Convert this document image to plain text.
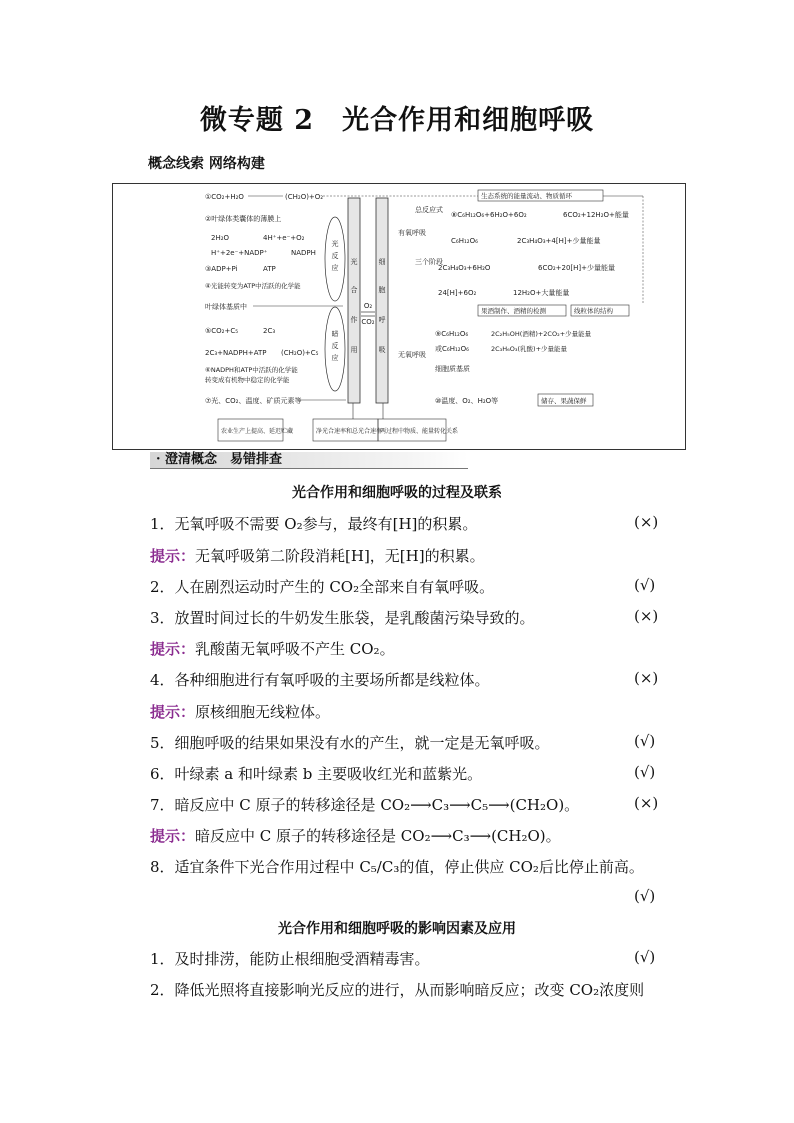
微专题 2　光合作用和细胞呼吸
概念线索 网络构建
光
合
作
用
细
胞
呼
吸
O₂
CO₂
①CO₂+H₂O	(CH₂O)+O₂
②叶绿体类囊体的薄膜上
2H₂O	4H⁺+e⁻+O₂
H⁺+2e⁻+NADP⁺	NADPH
③ADP+Pi	ATP
④光能转变为ATP中活跃的化学能
叶绿体基质中
⑤CO₂+C₅	2C₃
2C₃+NADPH+ATP (CH₂O)+C₅
⑥NADPH和ATP中活跃的化学能
转变成有机物中稳定的化学能
⑦光、CO₂、温度、矿质元素等
光
反
应
暗
反
应
有氧呼吸
总反应式
⑧C₆H₁₂O₆+6H₂O+6O₂	6CO₂+12H₂O+能量
C₆H₁₂O₆	2C₃H₄O₃+4[H]+少量能量
三个阶段
2C₃H₄O₃+6H₂O	6CO₂+20[H]+少量能量
24[H]+6O₂	12H₂O+大量能量
果酒制作、酒精的检测	线粒体的结构
无氧呼吸
⑨C₆H₁₂O₆	2C₂H₅OH(酒精)+2CO₂+少量能量
或C₆H₁₂O₆	2C₃H₆O₃(乳酸)+少量能量
细胞质基质
⑩温度、O₂、H₂O等	储存、果蔬保鲜
生态系统的能量流动、物质循环
农业生产上提高、延迟贮藏	净光合速率和总光合速率
两过程中物质、能量转化关系
· 澄清概念　易错排查
光合作用和细胞呼吸的过程及联系
1．无氧呼吸不需要 O₂参与，最终有[H]的积累。	(×)
提示：无氧呼吸第二阶段消耗[H]，无[H]的积累。
2．人在剧烈运动时产生的 CO₂全部来自有氧呼吸。	(√)
3．放置时间过长的牛奶发生胀袋，是乳酸菌污染导致的。	(×)
提示：乳酸菌无氧呼吸不产生 CO₂。
4．各种细胞进行有氧呼吸的主要场所都是线粒体。	(×)
提示：原核细胞无线粒体。
5．细胞呼吸的结果如果没有水的产生，就一定是无氧呼吸。	(√)
6．叶绿素 a 和叶绿素 b 主要吸收红光和蓝紫光。	(√)
7．暗反应中 C 原子的转移途径是 CO₂⟶C₃⟶C₅⟶(CH₂O)。	(×)
提示：暗反应中 C 原子的转移途径是 CO₂⟶C₃⟶(CH₂O)。
8．适宜条件下光合作用过程中 C₅/C₃的值，停止供应 CO₂后比停止前高。
(√)
光合作用和细胞呼吸的影响因素及应用
1．及时排涝，能防止根细胞受酒精毒害。	(√)
2．降低光照将直接影响光反应的进行，从而影响暗反应；改变 CO₂浓度则
